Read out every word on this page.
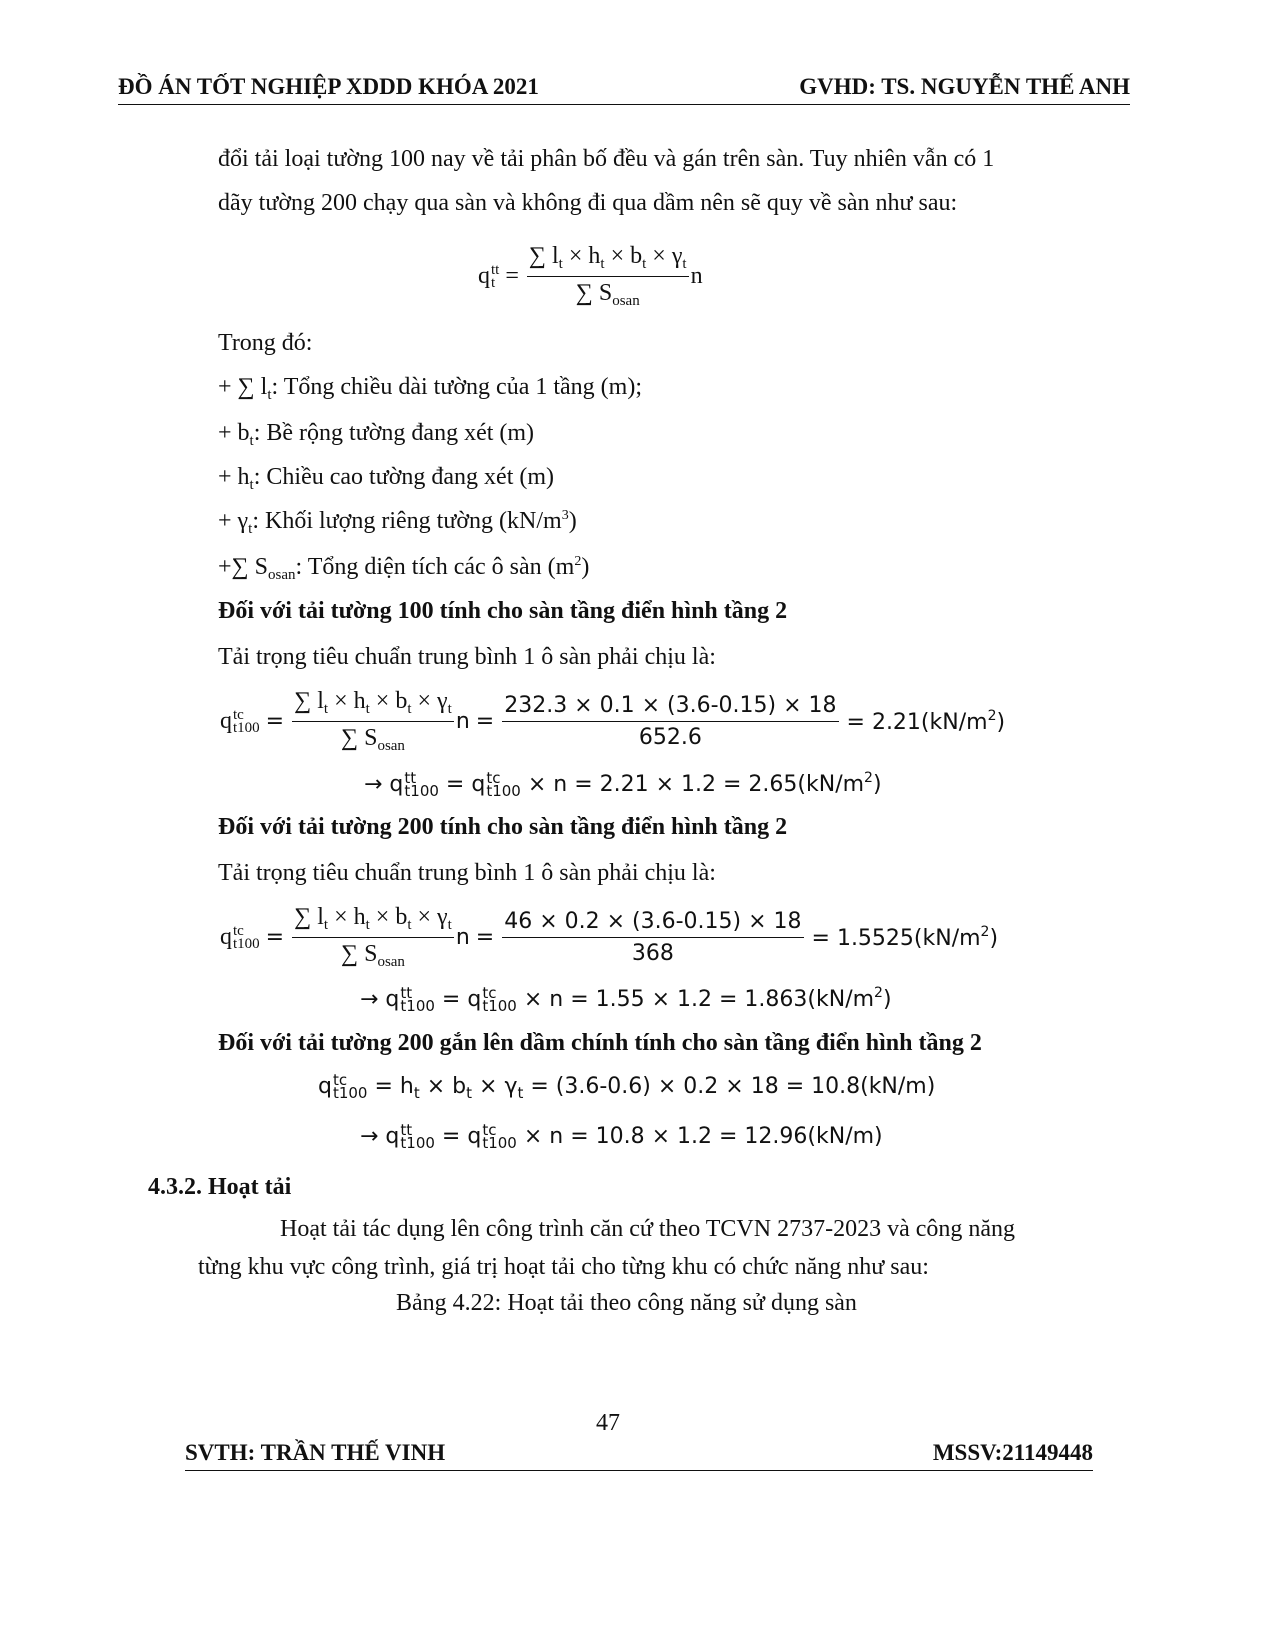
ĐỒ ÁN TỐT NGHIỆP XDDD KHÓA 2021	GVHD: TS. NGUYỄN THẾ ANH
đổi tải loại tường 100 nay về tải phân bố đều và gán trên sàn. Tuy nhiên vẫn có 1
dãy tường 200 chạy qua sàn và không đi qua dầm nên sẽ quy về sàn như sau:
q tt
$t = \frac{\sum l_t \times h_t \times b_t \times \gamma_t}{\sum S_{osan}}$ n
Trong đó:
+ ∑ $l_t$: Tổng chiều dài tường của 1 tầng (m);
+ $b_t$: Bề rộng tường đang xét (m)
+ $h_t$: Chiều cao tường đang xét (m)
+ $\gamma_t$: Khối lượng riêng tường $(kN/m^3)$
+∑ $S_{osan}$: Tổng diện tích các ô sàn $(m^2)$
Đối với tải tường 100 tính cho sàn tầng điển hình tầng 2
Tải trọng tiêu chuẩn trung bình 1 ô sàn phải chịu là:
q tc
$t100 = \frac{\sum l_t \times h_t \times b_t \times \gamma_t}{\sum S_{osan}}$ $n = \frac{232.3 \times 0.1 \times (3.6-0.15) \times 18}{652.6} = 2.21(kN/m^2)$
→ q tt
t100 = q tc
$t100 \times n = 2.21 \times 1.2 = 2.65(kN/m^2)$
Đối với tải tường 200 tính cho sàn tầng điển hình tầng 2
Tải trọng tiêu chuẩn trung bình 1 ô sàn phải chịu là:
q tc
$t100 = \frac{\sum l_t \times h_t \times b_t \times \gamma_t}{\sum S_{osan}}$ $n = \frac{46 \times 0.2 \times (3.6-0.15) \times 18}{368} = 1.5525(kN/m^2)$
→ q tt
t100 = q tc
$t100 \times n = 1.55 \times 1.2 = 1.863(kN/m^2)$
Đối với tải tường 200 gắn lên dầm chính tính cho sàn tầng điển hình tầng 2
q tc
$t100 = h_t \times b_t \times \gamma_t = (3.6-0.6) \times 0.2 \times 18 = 10.8(kN/m)$
→ q tt
t100 = q tc
t100 × n = 10.8 × 1.2 = 12.96(kN/m)
4.3.2. Hoạt tải
Hoạt tải tác dụng lên công trình căn cứ theo TCVN 2737-2023 và công năng
từng khu vực công trình, giá trị hoạt tải cho từng khu có chức năng như sau:
Bảng 4.22: Hoạt tải theo công năng sử dụng sàn
47
SVTH: TRẦN THẾ VINH	MSSV:21149448
